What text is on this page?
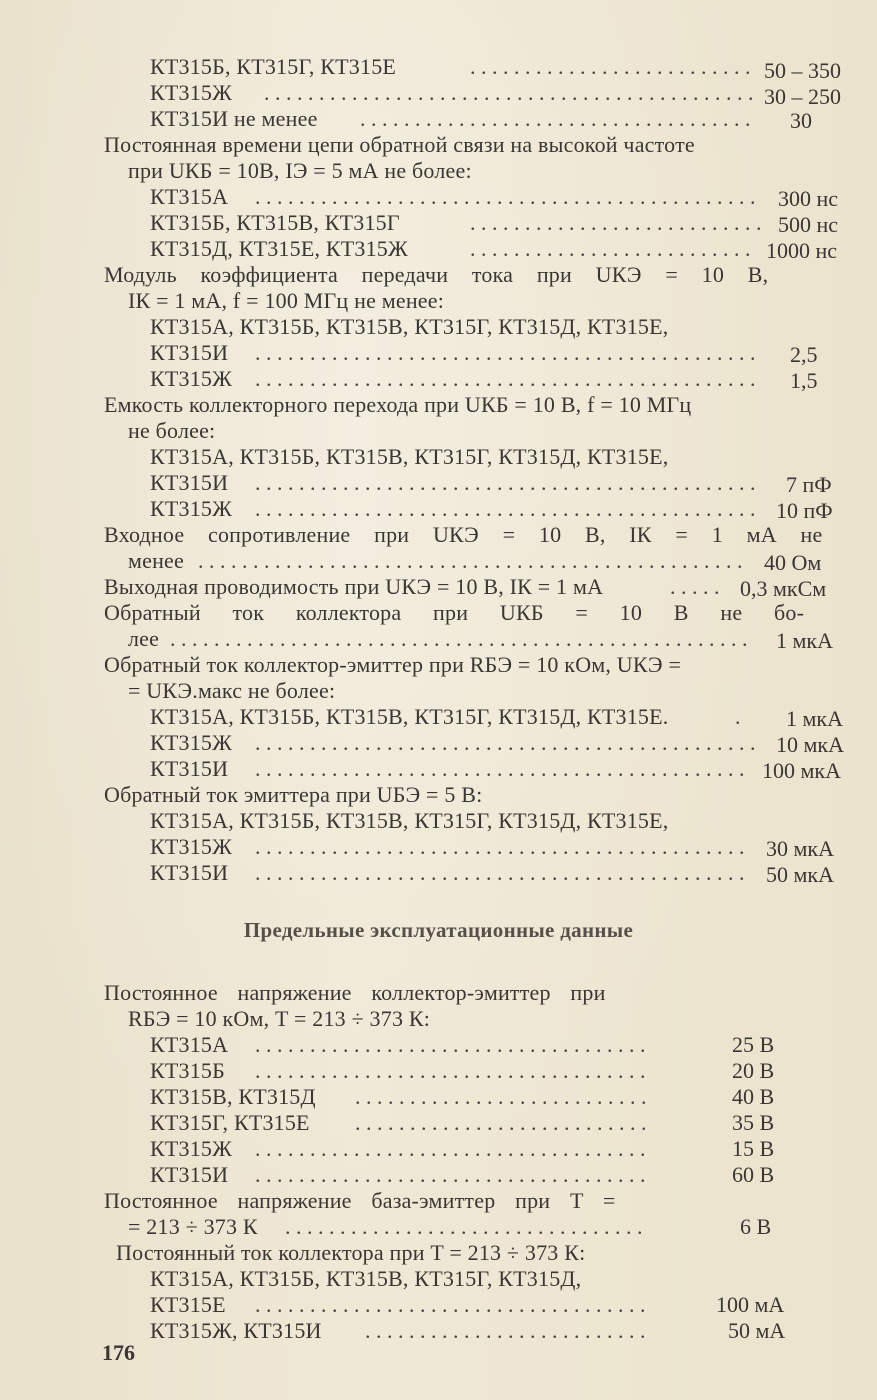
КТ315Б, КТ315Г, КТ315Е	.......................... 50 – 350
КТ315Ж ............................................. 30 – 250
КТ315И не менее .................................... 30
Постоянная времени цепи обратной связи на высокой частоте
при UКБ = 10В, IЭ = 5 мА не более:
КТ315А .............................................. 300 нс
КТ315Б, КТ315В, КТ315Г	........................... 500 нс
КТ315Д, КТ315Е, КТ315Ж	.......................... 1000 нс
Модуль коэффициента передачи тока при UКЭ = 10 В,
IК = 1 мА, f = 100 МГц не менее:
КТ315А, КТ315Б, КТ315В, КТ315Г, КТ315Д, КТ315Е,
КТ315И ..............................................	2,5
КТ315Ж ..............................................	1,5
Емкость коллекторного перехода при UКБ = 10 В, f = 10 МГц
не более:
КТ315А, КТ315Б, КТ315В, КТ315Г, КТ315Д, КТ315Е,
КТ315И ..............................................	7 пФ
КТ315Ж .............................................. 10 пФ
Входное сопротивление при UКЭ = 10 В, IК = 1 мА не
менее .................................................. 40 Ом
Выходная проводимость при UКЭ = 10 В, IК = 1 мА	..... 0,3 мкСм
Обратный ток коллектора при UКБ = 10 В не бо-
лее .....................................................	1 мкА
Обратный ток коллектор-эмиттер при RБЭ = 10 кОм, UКЭ =
= UКЭ.макс не более:
КТ315А, КТ315Б, КТ315В, КТ315Г, КТ315Д, КТ315Е.	.	1 мкА
КТ315Ж .............................................. 10 мкА
КТ315И ............................................. 100 мкА
Обратный ток эмиттера при UБЭ = 5 В:
КТ315А, КТ315Б, КТ315В, КТ315Г, КТ315Д, КТ315Е,
КТ315Ж ............................................. 30 мкА
КТ315И ............................................. 50 мкА
Предельные эксплуатационные данные
Постоянное напряжение коллектор-эмиттер при
RБЭ = 10 кОм, T = 213 ÷ 373 К:
КТ315А ....................................	25 В
КТ315Б ....................................	20 В
КТ315В, КТ315Д ...........................	40 В
КТ315Г, КТ315Е ...........................	35 В
КТ315Ж ....................................	15 В
КТ315И ....................................	60 В
Постоянное напряжение база-эмиттер при T =
= 213 ÷ 373 К .................................	6 В
Постоянный ток коллектора при T = 213 ÷ 373 К:
КТ315А, КТ315Б, КТ315В, КТ315Г, КТ315Д,
КТ315Е ....................................	100 мА
КТ315Ж, КТ315И ..........................	50 мА
176
